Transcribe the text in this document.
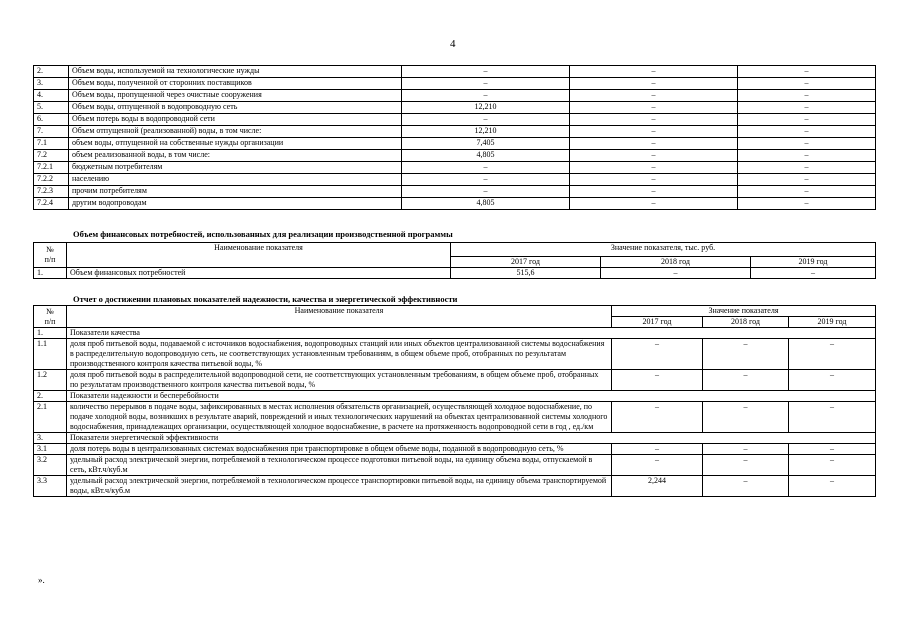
4
2.	Объем воды, используемой на технологические нужды	–	–	–
3.	Объем воды, полученной от сторонних поставщиков	–	–	–
4.	Объем воды, пропущенной через очистные сооружения	–	–	–
5.	Объем воды, отпущенной в водопроводную сеть	12,210	–	–
6.	Объем потерь воды в водопроводной сети	–	–	–
7.	Объем отпущенной (реализованной) воды, в том числе:	12,210	–	–
7.1	объем воды, отпущенной на собственные нужды организации	7,405	–	–
7.2	объем реализованной воды, в том числе:	4,805	–	–
7.2.1	бюджетным потребителям	–	–	–
7.2.2	населению	–	–	–
7.2.3	прочим потребителям	–	–	–
7.2.4	другим водопроводам	4,805	–	–
Объем финансовых потребностей, использованных для реализации производственной программы
№
п/п	Наименование показателя	Значение показателя, тыс. руб.		
		2017 год	2018 год	2019 год
1.	Объем финансовых потребностей	515,6	–	–
Отчет о достижении плановых показателей надежности, качества и энергетической эффективности
№
п/п	Наименование показателя	Значение показателя		
		2017 год	2018 год	2019 год
1.	Показатели качества			
1.1	доля проб питьевой воды, подаваемой с источников водоснабжения, водопроводных станций или иных объектов централизованной системы водоснабжения в распределительную водопроводную сеть, не соответствующих установленным требованиям, в общем объеме проб, отобранных по результатам производственного контроля качества питьевой воды, %	–	–	–
1.2	доля проб питьевой воды в распределительной водопроводной сети, не соответствующих установленным требованиям, в общем объеме проб, отобранных по результатам производственного контроля качества питьевой воды, %	–	–	–
2.	Показатели надежности и бесперебойности			
2.1	количество перерывов в подаче воды, зафиксированных в местах исполнения обязательств организацией, осуществляющей холодное водоснабжение, по подаче холодной воды, возникших в результате аварий, повреждений и иных технологических нарушений на объектах централизованной системы холодного водоснабжения, принадлежащих организации, осуществляющей холодное водоснабжение, в расчете на протяженность водопроводной сети в год , ед./км	–	–	–
3.	Показатели энергетической эффективности			
3.1	доля потерь воды в централизованных системах водоснабжения при транспортировке в общем объеме воды, поданной в водопроводную сеть, %	–	–	–
3.2	удельный расход электрической энергии, потребляемой в технологическом процессе подготовки питьевой воды, на единицу объема воды, отпускаемой в сеть, кВт.ч/куб.м	–	–	–
3.3	удельный расход электрической энергии, потребляемой в технологическом процессе транспортировки питьевой воды, на единицу объема транспортируемой воды, кВт.ч/куб.м	2,244	–	–
».
